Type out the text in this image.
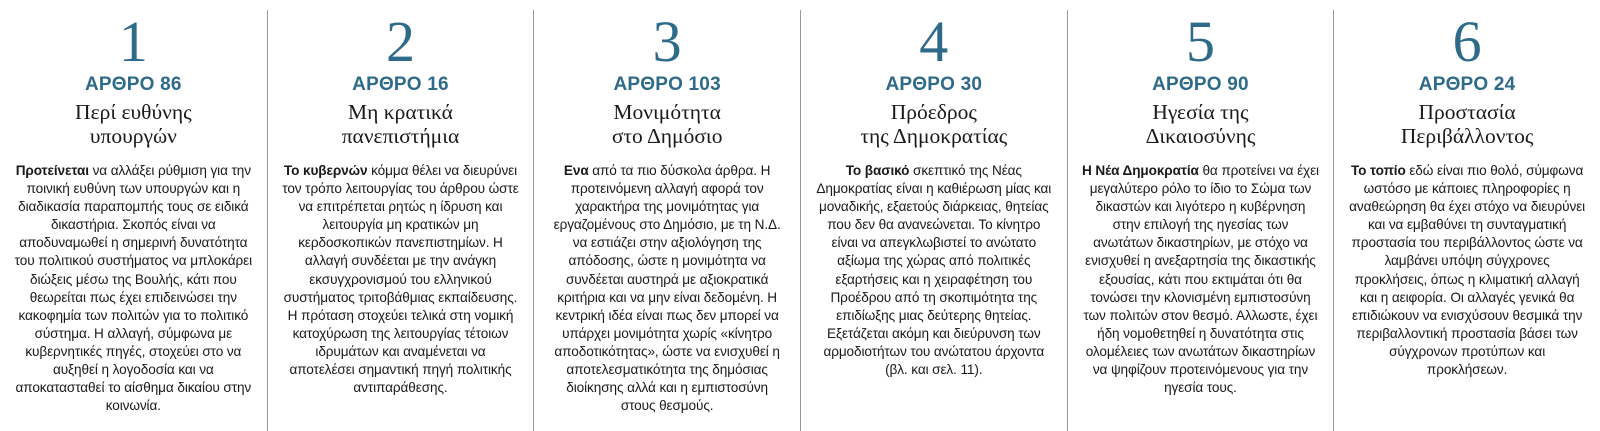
1
ΑΡΘΡΟ 86
Περί ευθύνης
υπουργών
Προτείνεται να αλλάξει ρύθμιση για την ποινική ευθύνη των υπουργών και η διαδικασία παραπομπής τους σε ειδικά δικαστήρια. Σκοπός είναι να αποδυναμωθεί η σημερινή δυνατότητα του πολιτικού συστήματος να μπλοκάρει διώξεις μέσω της Βουλής, κάτι που θεωρείται πως έχει επιδεινώσει την κακοφημία των πολιτών για το πολιτικό σύστημα. Η αλλαγή, σύμφωνα με κυβερνητικές πηγές, στοχεύει στο να αυξηθεί η λογοδοσία και να αποκατασταθεί το αίσθημα δικαίου στην κοινωνία.
2
ΑΡΘΡΟ 16
Μη κρατικά
πανεπιστήμια
Το κυβερνών κόμμα θέλει να διευρύνει τον τρόπο λειτουργίας του άρθρου ώστε να επιτρέπεται ρητώς η ίδρυση και λειτουργία μη κρατικών μη κερδοσκοπικών πανεπιστημίων. Η αλλαγή συνδέεται με την ανάγκη εκσυγχρονισμού του ελληνικού συστήματος τριτοβάθμιας εκπαίδευσης. Η πρόταση στοχεύει τελικά στη νομική κατοχύρωση της λειτουργίας τέτοιων ιδρυμάτων και αναμένεται να αποτελέσει σημαντική πηγή πολιτικής αντιπαράθεσης.
3
ΑΡΘΡΟ 103
Μονιμότητα
στο Δημόσιο
Ενα από τα πιο δύσκολα άρθρα. Η προτεινόμενη αλλαγή αφορά τον χαρακτήρα της μονιμότητας για εργαζομένους στο Δημόσιο, με τη Ν.Δ. να εστιάζει στην αξιολόγηση της απόδοσης, ώστε η μονιμότητα να συνδέεται αυστηρά με αξιοκρατικά κριτήρια και να μην είναι δεδομένη. Η κεντρική ιδέα είναι πως δεν μπορεί να υπάρχει μονιμότητα χωρίς «κίνητρο αποδοτικότητας», ώστε να ενισχυθεί η αποτελεσματικότητα της δημόσιας διοίκησης αλλά και η εμπιστοσύνη στους θεσμούς.
4
ΑΡΘΡΟ 30
Πρόεδρος
της Δημοκρατίας
Το βασικό σκεπτικό της Νέας Δημοκρατίας είναι η καθιέρωση μίας και μοναδικής, εξαετούς διάρκειας, θητείας που δεν θα ανανεώνεται. Το κίνητρο είναι να απεγκλωβιστεί το ανώτατο αξίωμα της χώρας από πολιτικές εξαρτήσεις και η χειραφέτηση του Προέδρου από τη σκοπιμότητα της επιδίωξης μιας δεύτερης θητείας. Εξετάζεται ακόμη και διεύρυνση των αρμοδιοτήτων του ανώτατου άρχοντα (βλ. και σελ. 11).
5
ΑΡΘΡΟ 90
Ηγεσία της
Δικαιοσύνης
Η Νέα Δημοκρατία θα προτείνει να έχει μεγαλύτερο ρόλο το ίδιο το Σώμα των δικαστών και λιγότερο η κυβέρνηση στην επιλογή της ηγεσίας των ανωτάτων δικαστηρίων, με στόχο να ενισχυθεί η ανεξαρτησία της δικαστικής εξουσίας, κάτι που εκτιμάται ότι θα τονώσει την κλονισμένη εμπιστοσύνη των πολιτών στον θεσμό. Αλλωστε, έχει ήδη νομοθετηθεί η δυνατότητα στις ολομέλειες των ανωτάτων δικαστηρίων να ψηφίζουν προτεινόμενους για την ηγεσία τους.
6
ΑΡΘΡΟ 24
Προστασία
Περιβάλλοντος
Το τοπίο εδώ είναι πιο θολό, σύμφωνα ωστόσο με κάποιες πληροφορίες η αναθεώρηση θα έχει στόχο να διευρύνει και να εμβαθύνει τη συνταγματική προστασία του περιβάλλοντος ώστε να λαμβάνει υπόψη σύγχρονες προκλήσεις, όπως η κλιματική αλλαγή και η αειφορία. Οι αλλαγές γενικά θα επιδιώκουν να ενισχύσουν θεσμικά την περιβαλλοντική προστασία βάσει των σύγχρονων προτύπων και προκλήσεων.
